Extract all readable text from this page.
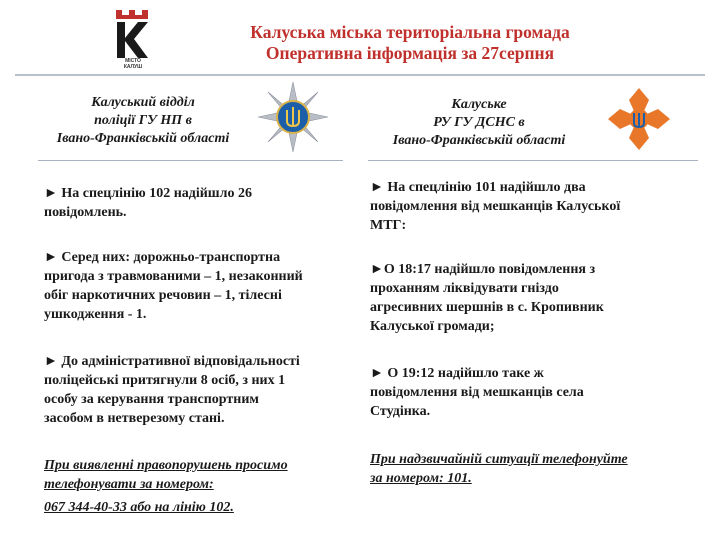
МІСТО КАЛУШ
Калуська міська територіальна громада
Оперативна інформація за 27серпня
Калуський відділ
поліції ГУ НП в
Івано-Франківській області
► На спецлінію 102 надійшло 26
повідомлень.
► Серед них: дорожньо-транспортна
пригода з травмованими – 1, незаконний
обіг наркотичних речовин – 1, тілесні
ушкодження - 1.
► До адміністративної відповідальності
поліцейські притягнули 8 осіб, з них 1
особу за керування транспортним
засобом в нетверезому стані.
При виявленні правопорушень просимо
телефонувати за номером:
067 344-40-33 або на лінію 102.
Калуське
РУ ГУ ДСНС в
Івано-Франківській області
► На спецлінію 101 надійшло два
повідомлення від мешканців Калуської
МТГ:
►О 18:17 надійшло повідомлення з
проханням ліквідувати гніздо
агресивних шершнів в с. Кропивник
Калуської громади;
► О 19:12 надійшло таке ж
повідомлення від мешканців села
Студінка.
При надзвичайній ситуації телефонуйте
за номером: 101.
